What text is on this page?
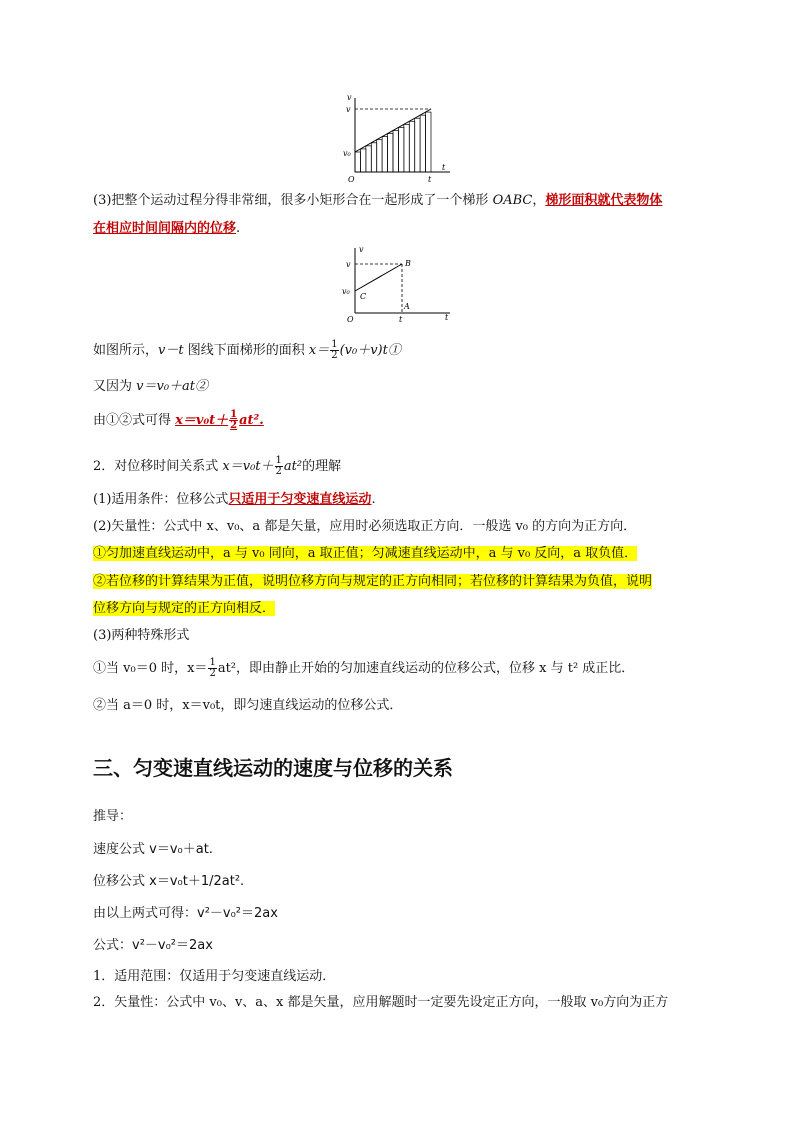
v
v
v₀
O	t
t
(3)把整个运动过程分得非常细，很多小矩形合在一起形成了一个梯形 OABC，梯形面积就代表物体
在相应时间间隔内的位移.
v
v
v₀
O	t	t
B
C
A
如图所示，v－t 图线下面梯形的面积 $x= \frac{1}{2}$ (v₀＋v)t①
又因为 v＝v₀＋at②
由①②式可得 $x=v_0t+ \frac{1}{2} at^2$.
2．对位移时间关系式 $x=v_0t+ \frac{1}{2} at^2$的理解
(1)适用条件：位移公式只适用于匀变速直线运动.
(2)矢量性：公式中 x、v₀、a 都是矢量，应用时必须选取正方向．一般选 v₀ 的方向为正方向．
①匀加速直线运动中，a 与 v₀ 同向，a 取正值；匀减速直线运动中，a 与 v₀ 反向，a 取负值．
②若位移的计算结果为正值，说明位移方向与规定的正方向相同；若位移的计算结果为负值，说明
位移方向与规定的正方向相反．
(3)两种特殊形式
①当 v₀＝0 时，$x= \frac{1}{2} at^2$，即由静止开始的匀加速直线运动的位移公式，位移 x 与 t² 成正比．
②当 a＝0 时，x＝v₀t，即匀速直线运动的位移公式．
三、匀变速直线运动的速度与位移的关系
推导：
速度公式 v＝v₀＋at.
位移公式 x＝v₀t＋1/2at².
由以上两式可得：v²－v₀²＝2ax
公式：v²－v₀²＝2ax
1．适用范围：仅适用于匀变速直线运动．
2．矢量性：公式中 v₀、v、a、x 都是矢量，应用解题时一定要先设定正方向，一般取 v₀方向为正方
